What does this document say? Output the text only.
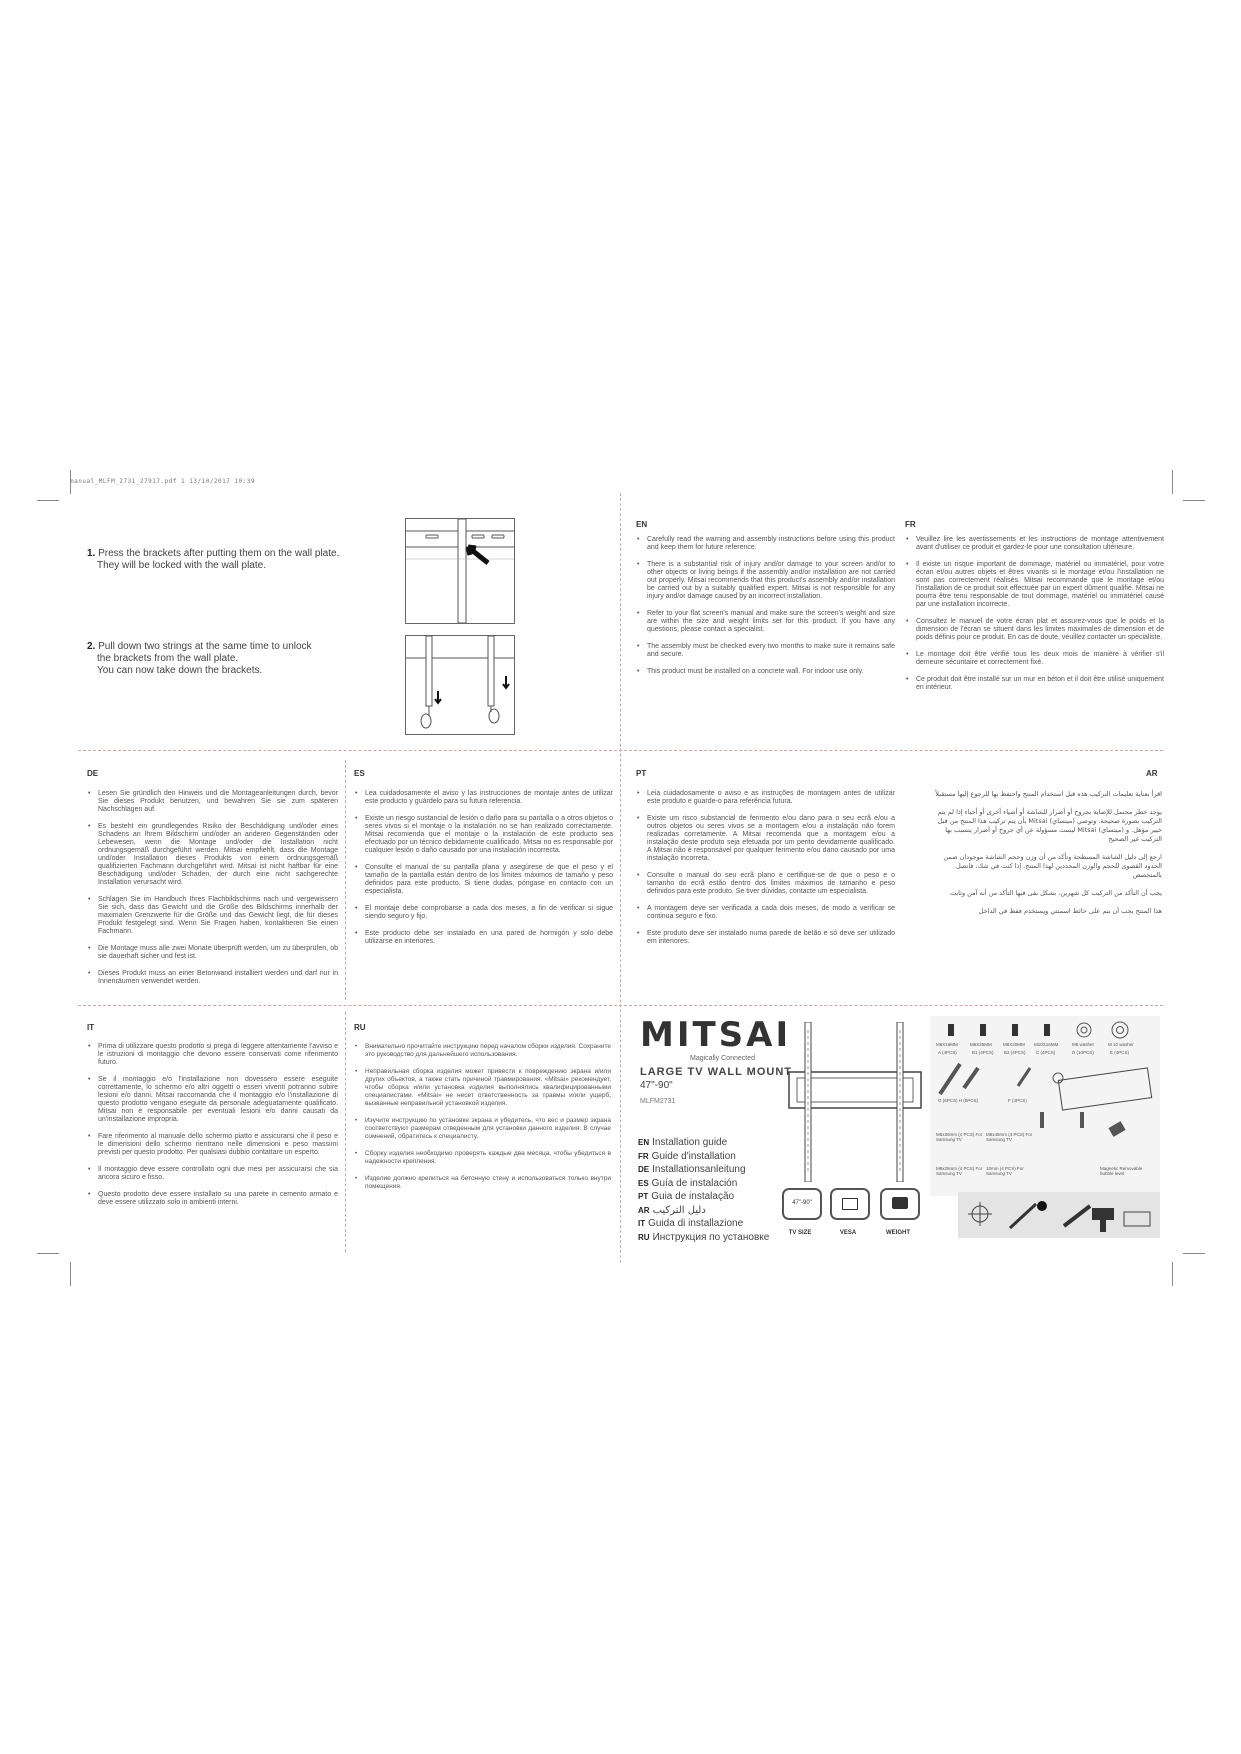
manual_MLFM_2731_27917.pdf 1 13/10/2017 10:39
1. Press the brackets after putting them on the wall plate.
They will be locked with the wall plate.
2. Pull down two strings at the same time to unlock
the brackets from the wall plate.
You can now take down the brackets.
EN
• Carefully read the warning and assembly instructions before using this product and keep them for future reference.
• There is a substantial risk of injury and/or damage to your screen and/or to other objects or living beings if the assembly and/or installation are not carried out properly. Mitsai recommends that this product's assembly and/or installation be carried out by a suitably qualified expert. Mitsai is not responsible for any injury and/or damage caused by an incorrect installation.
• Refer to your flat screen's manual and make sure the screen's weight and size are within the size and weight limits set for this product. If you have any questions, please contact a specialist.
• The assembly must be checked every two months to make sure it remains safe and secure.
• This product must be installed on a concrete wall. For indoor use only.
FR
• Veuillez lire les avertissements et les instructions de montage attentivement avant d'utiliser ce produit et gardez-le pour une consultation ultérieure.
• Il existe un risque important de dommage, matériel ou immatériel, pour votre écran et/ou autres objets et êtres vivants si le montage et/ou l'installation ne sont pas correctement réalisés. Mitsai recommande que le montage et/ou l'installation de ce produit soit effectuée par un expert dûment qualifié. Mitsai ne pourra être tenu responsable de tout dommage, matériel ou immatériel causé par une installation incorrecte.
• Consultez le manuel de votre écran plat et assurez-vous que le poids et la dimension de l'écran se situent dans les limites maximales de dimension et de poids définis pour ce produit. En cas de doute, veuillez contacter un spécialiste.
• Le montage doit être vérifié tous les deux mois de manière à vérifier s'il demeure sécuritaire et correctement fixé.
• Ce produit doit être installé sur un mur en béton et il doit être utilisé uniquement en intérieur.
DE
• Lesen Sie gründlich den Hinweis und die Montageanleitungen durch, bevor Sie dieses Produkt benutzen, und bewahren Sie sie zum späteren Nachschlagen auf.
• Es besteht ein grundlegendes Risiko der Beschädigung und/oder eines Schadens an Ihrem Bildschirm und/oder an anderen Gegenständen oder Lebewesen, wenn die Montage und/oder die Installation nicht ordnungsgemäß durchgeführt werden. Mitsai empfiehlt, dass die Montage und/oder Installation dieses Produkts von einem ordnungsgemäß qualifizierten Fachmann durchgeführt wird. Mitsai ist nicht haftbar für eine Beschädigung und/oder Schaden, der durch eine nicht sachgerechte Installation verursacht wird.
• Schlagen Sie im Handbuch Ihres Flachbildschirms nach und vergewissern Sie sich, dass das Gewicht und die Größe des Bildschirms innerhalb der maximalen Grenzwerte für die Größe und das Gewicht liegt, die für dieses Produkt festgelegt sind. Wenn Sie Fragen haben, kontaktieren Sie einen Fachmann.
• Die Montage muss alle zwei Monate überprüft werden, um zu überprüfen, ob sie dauerhaft sicher und fest ist.
• Dieses Produkt muss an einer Betonwand installiert werden und darf nur in Innenräumen verwendet werden.
ES
• Lea cuidadosamente el aviso y las instrucciones de montaje antes de utilizar este producto y guárdelo para su futura referencia.
• Existe un riesgo sustancial de lesión o daño para su pantalla o a otros objetos o seres vivos si el montaje o la instalación no se han realizado correctamente. Mitsai recomienda que el montaje o la instalación de este producto sea efectuado por un técnico debidamente cualificado. Mitsai no es responsable por cualquier lesión o daño causado por una instalación incorrecta.
• Consulte el manual de su pantalla plana y asegúrese de que el peso y el tamaño de la pantalla están dentro de los límites máximos de tamaño y peso definidos para este producto. Si tiene dudas, póngase en contacto con un especialista.
• El montaje debe comprobarse a cada dos meses, a fin de verificar si sigue siendo seguro y fijo.
• Este producto debe ser instalado en una pared de hormigón y solo debe utilizarse en interiores.
PT
• Leia cuidadosamente o aviso e as instruções de montagem antes de utilizar este produto e guarde-o para referência futura.
• Existe um risco substancial de ferimento e/ou dano para o seu ecrã e/ou a outros objetos ou seres vivos se a montagem e/ou a instalação não forem realizadas corretamente. A Mitsai recomenda que a montagem e/ou a instalação deste produto seja efetuada por um perito devidamente qualificado. A Mitsai não é responsável por qualquer ferimento e/ou dano causado por uma instalação incorreta.
• Consulte o manual do seu ecrã plano e certifique-se de que o peso e o tamanho do ecrã estão dentro dos limites máximos de tamanho e peso definidos para este produto. Se tiver dúvidas, contacte um especialista.
• A montagem deve ser verificada a cada dois meses, de modo a verificar se continua seguro e fixo.
• Este produto deve ser instalado numa parede de betão e só deve ser utilizado em interiores.
AR
اقرأ بعناية تعليمات التركيب هذه قبل استخدام المنتج واحتفظ بها للرجوع إليها مستقبلاً
يوجد خطر محتمل للإصابة بجروح أو أضرار للشاشة أو أشياء أخرى أو أحياء إذا لم يتم التركيب بصورة صحيحة. وتوصي (ميتساي) Mitsai بأن يتم تركيب هذا المنتج من قبل خبير مؤهل. و (ميتساي) Mitsai ليست مسؤولة عن أي جروح أو أضرار يتسبب بها التركيب غير الصحيح
ارجع إلى دليل الشاشة المسطحة وتأكد من أن وزن وحجم الشاشة موجودان ضمن الحدود القصوى للحجم والوزن المحددين لهذا المنتج. إذا كنت في شك، فاتصل بالمتخصص
يجب أن التأكد من التركيب كل شهرين، بشكل بقى فيها التأكد من أنه آمن وثابت
هذا المنتج يجب أن يتم على حائط اسمنتي ويستخدم فقط في الداخل
IT
• Prima di utilizzare questo prodotto si prega di leggere attentamente l'avviso e le istruzioni di montaggio che devono essere conservati come riferimento futuro.
• Se il montaggio e/o l'installazione non dovessero essere eseguite correttamente, lo schermo e/o altri oggetti o esseri viventi potranno subire lesioni e/o danni. Mitsai raccomanda che il montaggio e/o l'installazione di questo prodotto vengano eseguite da personale adeguatamente qualificato. Mitsai non è responsabile per eventuali lesioni e/o danni causati da un'installazione impropria.
• Fare riferimento al manuale dello schermo piatto e assicurarsi che il peso e le dimensioni dello schermo rientrano nelle dimensioni e peso massimi previsti per questo prodotto. Per qualsiasi dubbio contattare un esperto.
• Il montaggio deve essere controllato ogni due mesi per assicurarsi che sia ancora sicuro e fisso.
• Questo prodotto deve essere installato su una parete in cemento armato e deve essere utilizzato solo in ambienti interni.
RU
• Внимательно прочитайте инструкцию перед началом сборки изделия. Сохраните это руководство для дальнейшего использования.
• Неправильная сборка изделия может привести к повреждению экрана и/или других объектов, а также стать причиной травмирования. «Mitsai» рекомендует, чтобы сборка и/или установка изделия выполнялись квалифицированными специалистами. «Mitsai» не несет ответственность за травмы и/или ущерб, вызванные неправильной установкой изделия.
• Изучите инструкцию по установке экрана и убедитесь, что вес и размер экрана соответствуют размерам отведенным для установки данного изделия. В случае сомнений, обратитесь к специалисту.
• Сборку изделия необходимо проверять каждые два месяца, чтобы убедиться в надежности крепления.
• Изделие должно крепиться на бетонную стену и использоваться только внутри помещения.
MITSAI
Magically Connected
LARGE TV WALL MOUNT
47"-90"
MLFM2731
EN Installation guide
FR Guide d'installation
DE Installationsanleitung
ES Guía de instalación
PT Guia de instalação
AR دليل التركيب
IT Guida di installazione
RU Инструкция по установке
47"-90"
TV SIZE	VESA	WEIGHT
M6X16MM	M6X35MM M8X20MM M10X16MM	M8 washer	M 10 washer
A (4PCS)	B1 (4PCS) B2 (4PCS) C (4PCS)	D (10PCS)	E (4PCS)
G (6PCS) H (6PCS)	F (4PCS)
M6x30mm (4 PCS) For Samsung TV
M8x45mm (4 PCS) For Samsung TV
M8x25mm (4 PCS) For Samsung TV
10mm (4 PCS) For Samsung TV
Magnetic Removable bubble level
